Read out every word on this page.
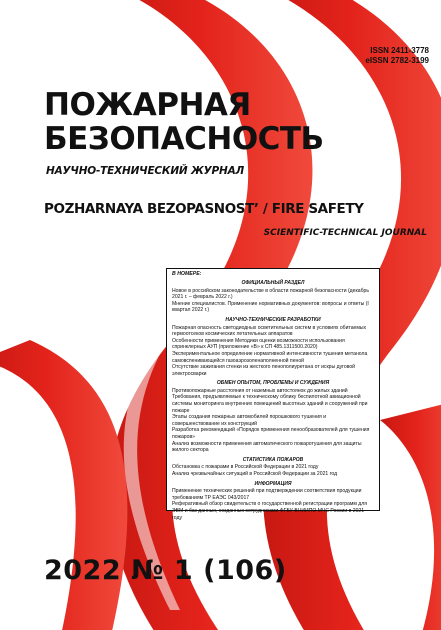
ISSN 2411-3778
eISSN 2782-3199
ПОЖАРНАЯ
БЕЗОПАСНОСТЬ
НАУЧНО-ТЕХНИЧЕСКИЙ ЖУРНАЛ
POZHARNAYA BEZOPASNOST’ / FIRE SAFETY
SCIENTIFIC-TECHNICAL JOURNAL
В НОМЕРЕ:
ОФИЦИАЛЬНЫЙ РАЗДЕЛ
Новое в российском законодательстве в области пожарной безопасности (декабрь 2021 г. – февраль 2022 г.)
Мнение специалистов. Применение нормативных документов: вопросы и ответы (I квартал 2022 г.)
НАУЧНО-ТЕХНИЧЕСКИЕ РАЗРАБОТКИ
Пожарная опасность светодиодных осветительных систем в условиях обитаемых гермоотсеков космических летательных аппаратов
Особенности применения Методики оценки возможности использования спринклерных АУП (приложение «В» к СП 485.1311500.2020)
Экспериментальное определение нормативной интенсивности тушения метанола самовспенивающейся газоаэрозоленаполненной пеной
Отсутствие зажигания стенки из жесткого пенополиуретана от искры дуговой электросварки
ОБМЕН ОПЫТОМ, ПРОБЛЕМЫ И СУЖДЕНИЯ
Противопожарные расстояния от наземных автостоянок до жилых зданий
Требования, предъявляемые к техническому облику беспилотной авиационной системы мониторинга внутренних помещений высотных зданий и сооружений при пожаре
Этапы создания пожарных автомобилей порошкового тушения и совершенствование их конструкций
Разработка рекомендаций «Порядок применения пенообразователей для тушения пожаров»
Анализ возможности применения автоматического пожаротушения для защиты жилого сектора
СТАТИСТИКА ПОЖАРОВ
Обстановка с пожарами в Российской Федерации в 2021 году
Анализ чрезвычайных ситуаций в Российской Федерации за 2021 год
ИНФОРМАЦИЯ
Применение технических решений при подтверждении соответствия продукции требованиям ТР ЕАЭС 043/2017
Реферативный обзор свидетельств о государственной регистрации программ для ЭВМ и баз данных, созданных сотрудниками ФГБУ ВНИИПО МЧС России в 2021 году
2022 № 1 (106)
